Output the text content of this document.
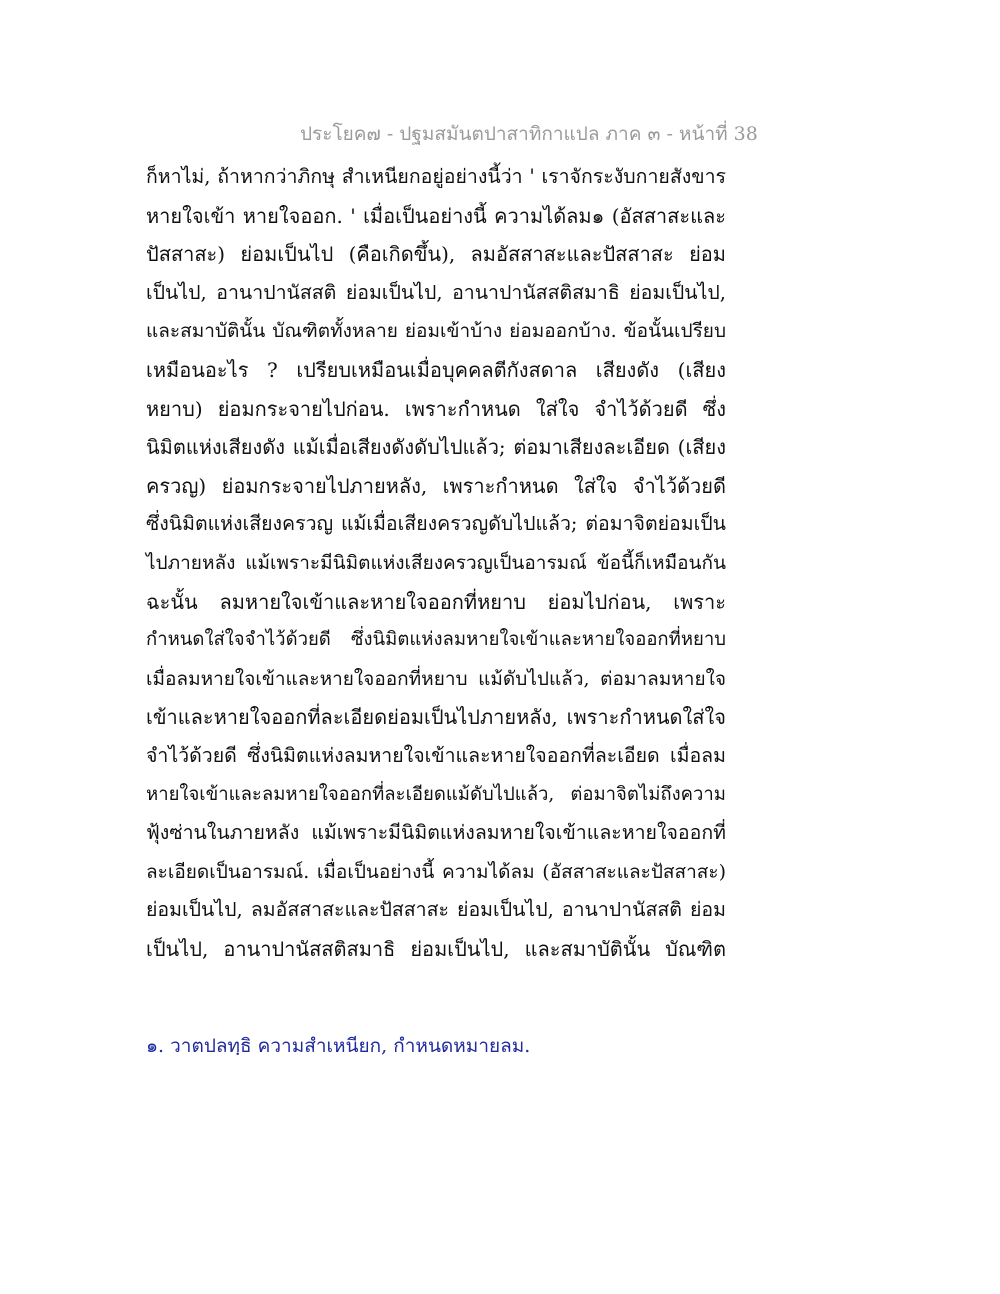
ประโยค๗ - ปฐมสมันตปาสาทิกาแปล ภาค ๓ - หน้าที่ 38
ก็หาไม่, ถ้าหากว่าภิกษุ สำเหนียกอยู่อย่างนี้ว่า ' เราจักระงับกายสังขาร
หายใจเข้า หายใจออก. ' เมื่อเป็นอย่างนี้ ความได้ลม๑ (อัสสาสะและ
ปัสสาสะ) ย่อมเป็นไป (คือเกิดขึ้น), ลมอัสสาสะและปัสสาสะ ย่อม
เป็นไป, อานาปานัสสติ ย่อมเป็นไป, อานาปานัสสติสมาธิ ย่อมเป็นไป,
และสมาบัตินั้น บัณฑิตทั้งหลาย ย่อมเข้าบ้าง ย่อมออกบ้าง. ข้อนั้นเปรียบ
เหมือนอะไร ? เปรียบเหมือนเมื่อบุคคลตีกังสดาล เสียงดัง (เสียง
หยาบ) ย่อมกระจายไปก่อน. เพราะกำหนด ใส่ใจ จำไว้ด้วยดี ซึ่ง
นิมิตแห่งเสียงดัง แม้เมื่อเสียงดังดับไปแล้ว; ต่อมาเสียงละเอียด (เสียง
ครวญ) ย่อมกระจายไปภายหลัง, เพราะกำหนด ใส่ใจ จำไว้ด้วยดี
ซึ่งนิมิตแห่งเสียงครวญ แม้เมื่อเสียงครวญดับไปแล้ว; ต่อมาจิตย่อมเป็น
ไปภายหลัง แม้เพราะมีนิมิตแห่งเสียงครวญเป็นอารมณ์ ข้อนี้ก็เหมือนกัน
ฉะนั้น ลมหายใจเข้าและหายใจออกที่หยาบ ย่อมไปก่อน, เพราะ
กำหนดใส่ใจจำไว้ด้วยดี ซึ่งนิมิตแห่งลมหายใจเข้าและหายใจออกที่หยาบ
เมื่อลมหายใจเข้าและหายใจออกที่หยาบ แม้ดับไปแล้ว, ต่อมาลมหายใจ
เข้าและหายใจออกที่ละเอียดย่อมเป็นไปภายหลัง, เพราะกำหนดใส่ใจ
จำไว้ด้วยดี ซึ่งนิมิตแห่งลมหายใจเข้าและหายใจออกที่ละเอียด เมื่อลม
หายใจเข้าและลมหายใจออกที่ละเอียดแม้ดับไปแล้ว, ต่อมาจิตไม่ถึงความ
ฟุ้งซ่านในภายหลัง แม้เพราะมีนิมิตแห่งลมหายใจเข้าและหายใจออกที่
ละเอียดเป็นอารมณ์. เมื่อเป็นอย่างนี้ ความได้ลม (อัสสาสะและปัสสาสะ)
ย่อมเป็นไป, ลมอัสสาสะและปัสสาสะ ย่อมเป็นไป, อานาปานัสสติ ย่อม
เป็นไป, อานาปานัสสติสมาธิ ย่อมเป็นไป, และสมาบัตินั้น บัณฑิต
๑. วาตปลทฺธิ ความสำเหนียก, กำหนดหมายลม.
